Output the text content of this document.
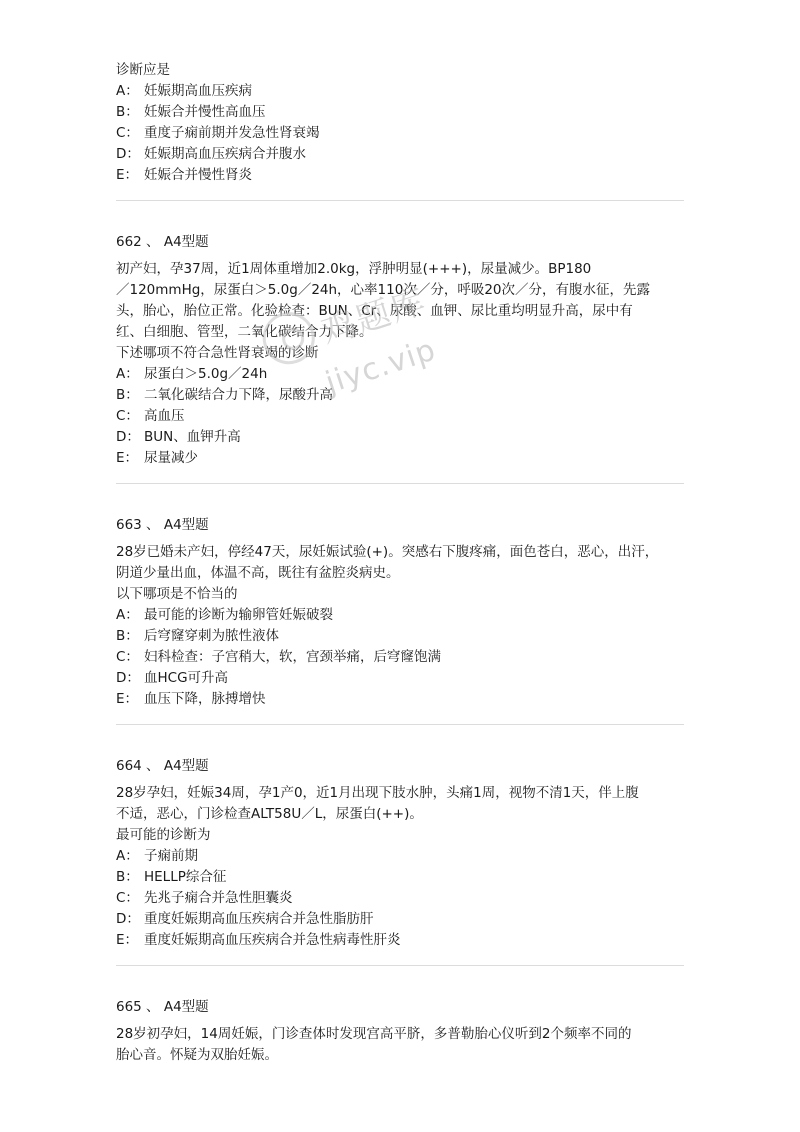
诊断应是
A： 妊娠期高血压疾病
B： 妊娠合并慢性高血压
C： 重度子痫前期并发急性肾衰竭
D： 妊娠期高血压疾病合并腹水
E： 妊娠合并慢性肾炎
662 、 A4型题
初产妇，孕37周，近1周体重增加2.0kg，浮肿明显(+++)，尿量减少。BP180
／120mmHg，尿蛋白＞5.0g／24h，心率110次／分，呼吸20次／分，有腹水征，先露
头，胎心，胎位正常。化验检查：BUN、Cr、尿酸、血钾、尿比重均明显升高，尿中有
红、白细胞、管型，二氧化碳结合力下降。
下述哪项不符合急性肾衰竭的诊断
A： 尿蛋白＞5.0g／24h
B： 二氧化碳结合力下降，尿酸升高
C： 高血压
D： BUN、血钾升高
E： 尿量减少
663 、 A4型题
28岁已婚未产妇，停经47天，尿妊娠试验(+)。突感右下腹疼痛，面色苍白，恶心，出汗，
阴道少量出血，体温不高，既往有盆腔炎病史。
以下哪项是不恰当的
A： 最可能的诊断为输卵管妊娠破裂
B： 后穹窿穿刺为脓性液体
C： 妇科检查：子宫稍大，软，宫颈举痛，后穹窿饱满
D： 血HCG可升高
E： 血压下降，脉搏增快
664 、 A4型题
28岁孕妇，妊娠34周，孕1产0，近1月出现下肢水肿，头痛1周，视物不清1天，伴上腹
不适，恶心，门诊检查ALT58U／L，尿蛋白(++)。
最可能的诊断为
A： 子痫前期
B： HELLP综合征
C： 先兆子痫合并急性胆囊炎
D： 重度妊娠期高血压疾病合并急性脂肪肝
E： 重度妊娠期高血压疾病合并急性病毒性肝炎
665 、 A4型题
28岁初孕妇，14周妊娠，门诊查体时发现宫高平脐，多普勒胎心仪听到2个频率不同的
胎心音。怀疑为双胎妊娠。
鸡题库
jiyc.vip
